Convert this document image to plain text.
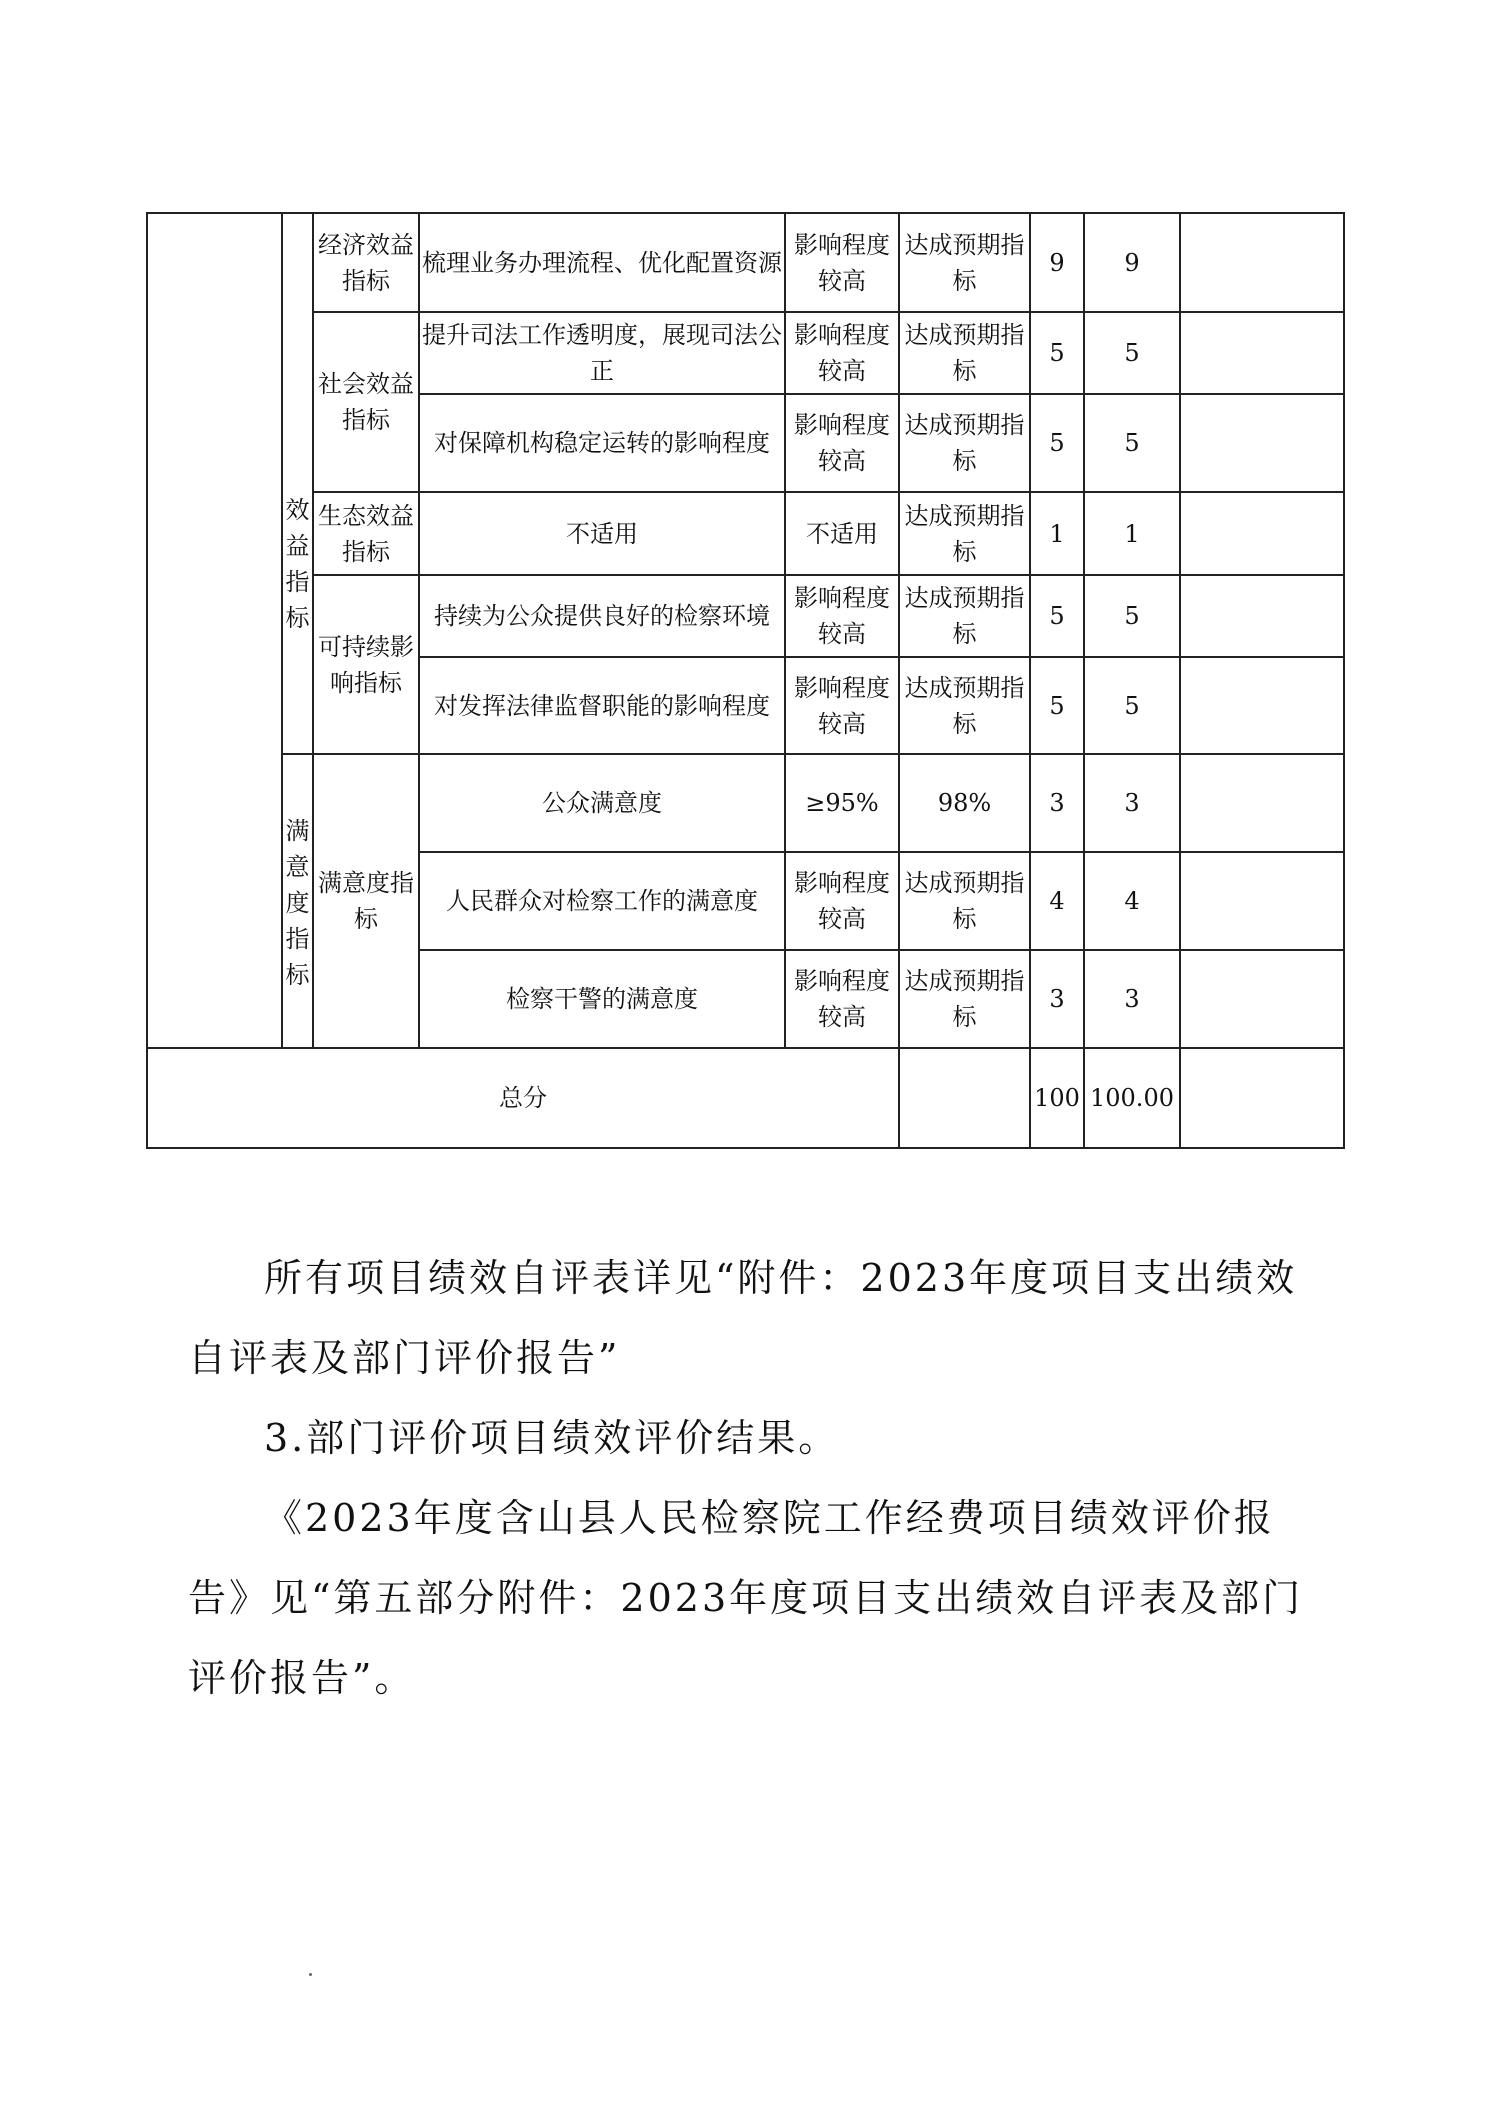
	效益指标	经济效益指标	梳理业务办理流程、优化配置资源	影响程度较高	达成预期指标	9	9	
		社会效益指标	提升司法工作透明度，展现司法公正	影响程度较高	达成预期指标	5	5	
			对保障机构稳定运转的影响程度	影响程度较高	达成预期指标	5	5	
		生态效益指标	不适用	不适用	达成预期指标	1	1	
		可持续影响指标	持续为公众提供良好的检察环境	影响程度较高	达成预期指标	5	5	
			对发挥法律监督职能的影响程度	影响程度较高	达成预期指标	5	5	
	满意度指标	满意度指标	公众满意度	≥95%	98%	3	3	
			人民群众对检察工作的满意度	影响程度较高	达成预期指标	4	4	
			检察干警的满意度	影响程度较高	达成预期指标	3	3	
总分						100	100.00	

所有项目绩效自评表详见“附件：2023年度项目支出绩效自评表及部门评价报告”

3.部门评价项目绩效评价结果。

《2023年度含山县人民检察院工作经费项目绩效评价报告》见“第五部分附件：2023年度项目支出绩效自评表及部门评价报告”。
